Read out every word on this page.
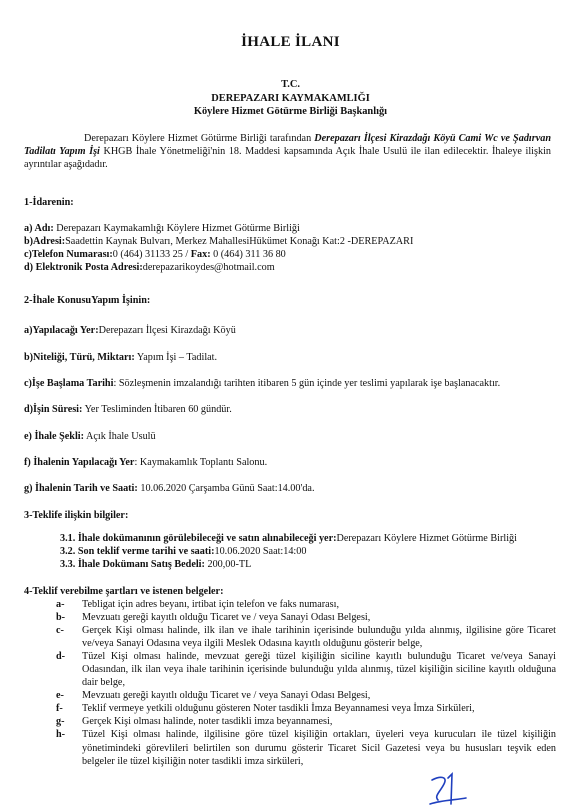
İHALE İLANI
T.C.
DEREPAZARI KAYMAKAMLIĞI
Köylere Hizmet Götürme Birliği Başkanlığı
Derepazarı Köylere Hizmet Götürme Birliği tarafından Derepazarı İlçesi Kirazdağı Köyü Cami Wc ve Şadırvan Tadilatı Yapım İşi KHGB İhale Yönetmeliği'nin 18. Maddesi kapsamında Açık İhale Usulü ile ilan edilecektir. İhaleye ilişkin ayrıntılar aşağıdadır.
1-İdarenin:
a) Adı: Derepazarı Kaymakamlığı Köylere Hizmet Götürme Birliği
b)Adresi:Saadettin Kaynak Bulvarı, Merkez MahallesiHükümet Konağı Kat:2 -DEREPAZARI
c)Telefon Numarası:0 (464) 31133 25 / Fax: 0 (464) 311 36 80
d) Elektronik Posta Adresi:derepazarikoydes@hotmail.com
2-İhale KonusuYapım İşinin:
a)Yapılacağı Yer:Derepazarı İlçesi Kirazdağı Köyü
b)Niteliği, Türü, Miktarı: Yapım İşi – Tadilat.
c)İşe Başlama Tarihi: Sözleşmenin imzalandığı tarihten itibaren 5 gün içinde yer teslimi yapılarak işe başlanacaktır.
d)İşin Süresi: Yer Tesliminden İtibaren 60 gündür.
e) İhale Şekli: Açık İhale Usulü
f) İhalenin Yapılacağı Yer: Kaymakamlık Toplantı Salonu.
g) İhalenin Tarih ve Saati: 10.06.2020 Çarşamba Günü Saat:14.00'da.
3-Teklife ilişkin bilgiler:
3.1. İhale dokümanının görülebileceği ve satın alınabileceği yer:Derepazarı Köylere Hizmet Götürme Birliği
3.2. Son teklif verme tarihi ve saati:10.06.2020 Saat:14:00
3.3. İhale Dokümanı Satış Bedeli: 200,00-TL
4-Teklif verebilme şartları ve istenen belgeler:
a-	Tebligat için adres beyanı, irtibat için telefon ve faks numarası,
b-	Mevzuatı gereği kayıtlı olduğu Ticaret ve / veya Sanayi Odası Belgesi,
c-	Gerçek Kişi olması halinde, ilk ilan ve ihale tarihinin içerisinde bulunduğu yılda alınmış, ilgilisine göre Ticaret ve/veya Sanayi Odasına veya ilgili Meslek Odasına kayıtlı olduğunu gösterir belge,
d-	Tüzel Kişi olması halinde, mevzuat gereği tüzel kişiliğin siciline kayıtlı bulunduğu Ticaret ve/veya Sanayi Odasından, ilk ilan veya ihale tarihinin içerisinde bulunduğu yılda alınmış, tüzel kişiliğin siciline kayıtlı olduğuna dair belge,
e-	Mevzuatı gereği kayıtlı olduğu Ticaret ve / veya Sanayi Odası Belgesi,
f-	Teklif vermeye yetkili olduğunu gösteren Noter tasdikli İmza Beyannamesi veya İmza Sirküleri,
g-	Gerçek Kişi olması halinde, noter tasdikli imza beyannamesi,
h-	Tüzel Kişi olması halinde, ilgilisine göre tüzel kişiliğin ortakları, üyeleri veya kurucuları ile tüzel kişiliğin yönetimindeki görevlileri belirtilen son durumu gösterir Ticaret Sicil Gazetesi veya bu hususları teşvik eden belgeler ile tüzel kişiliğin noter tasdikli imza sirküleri,
